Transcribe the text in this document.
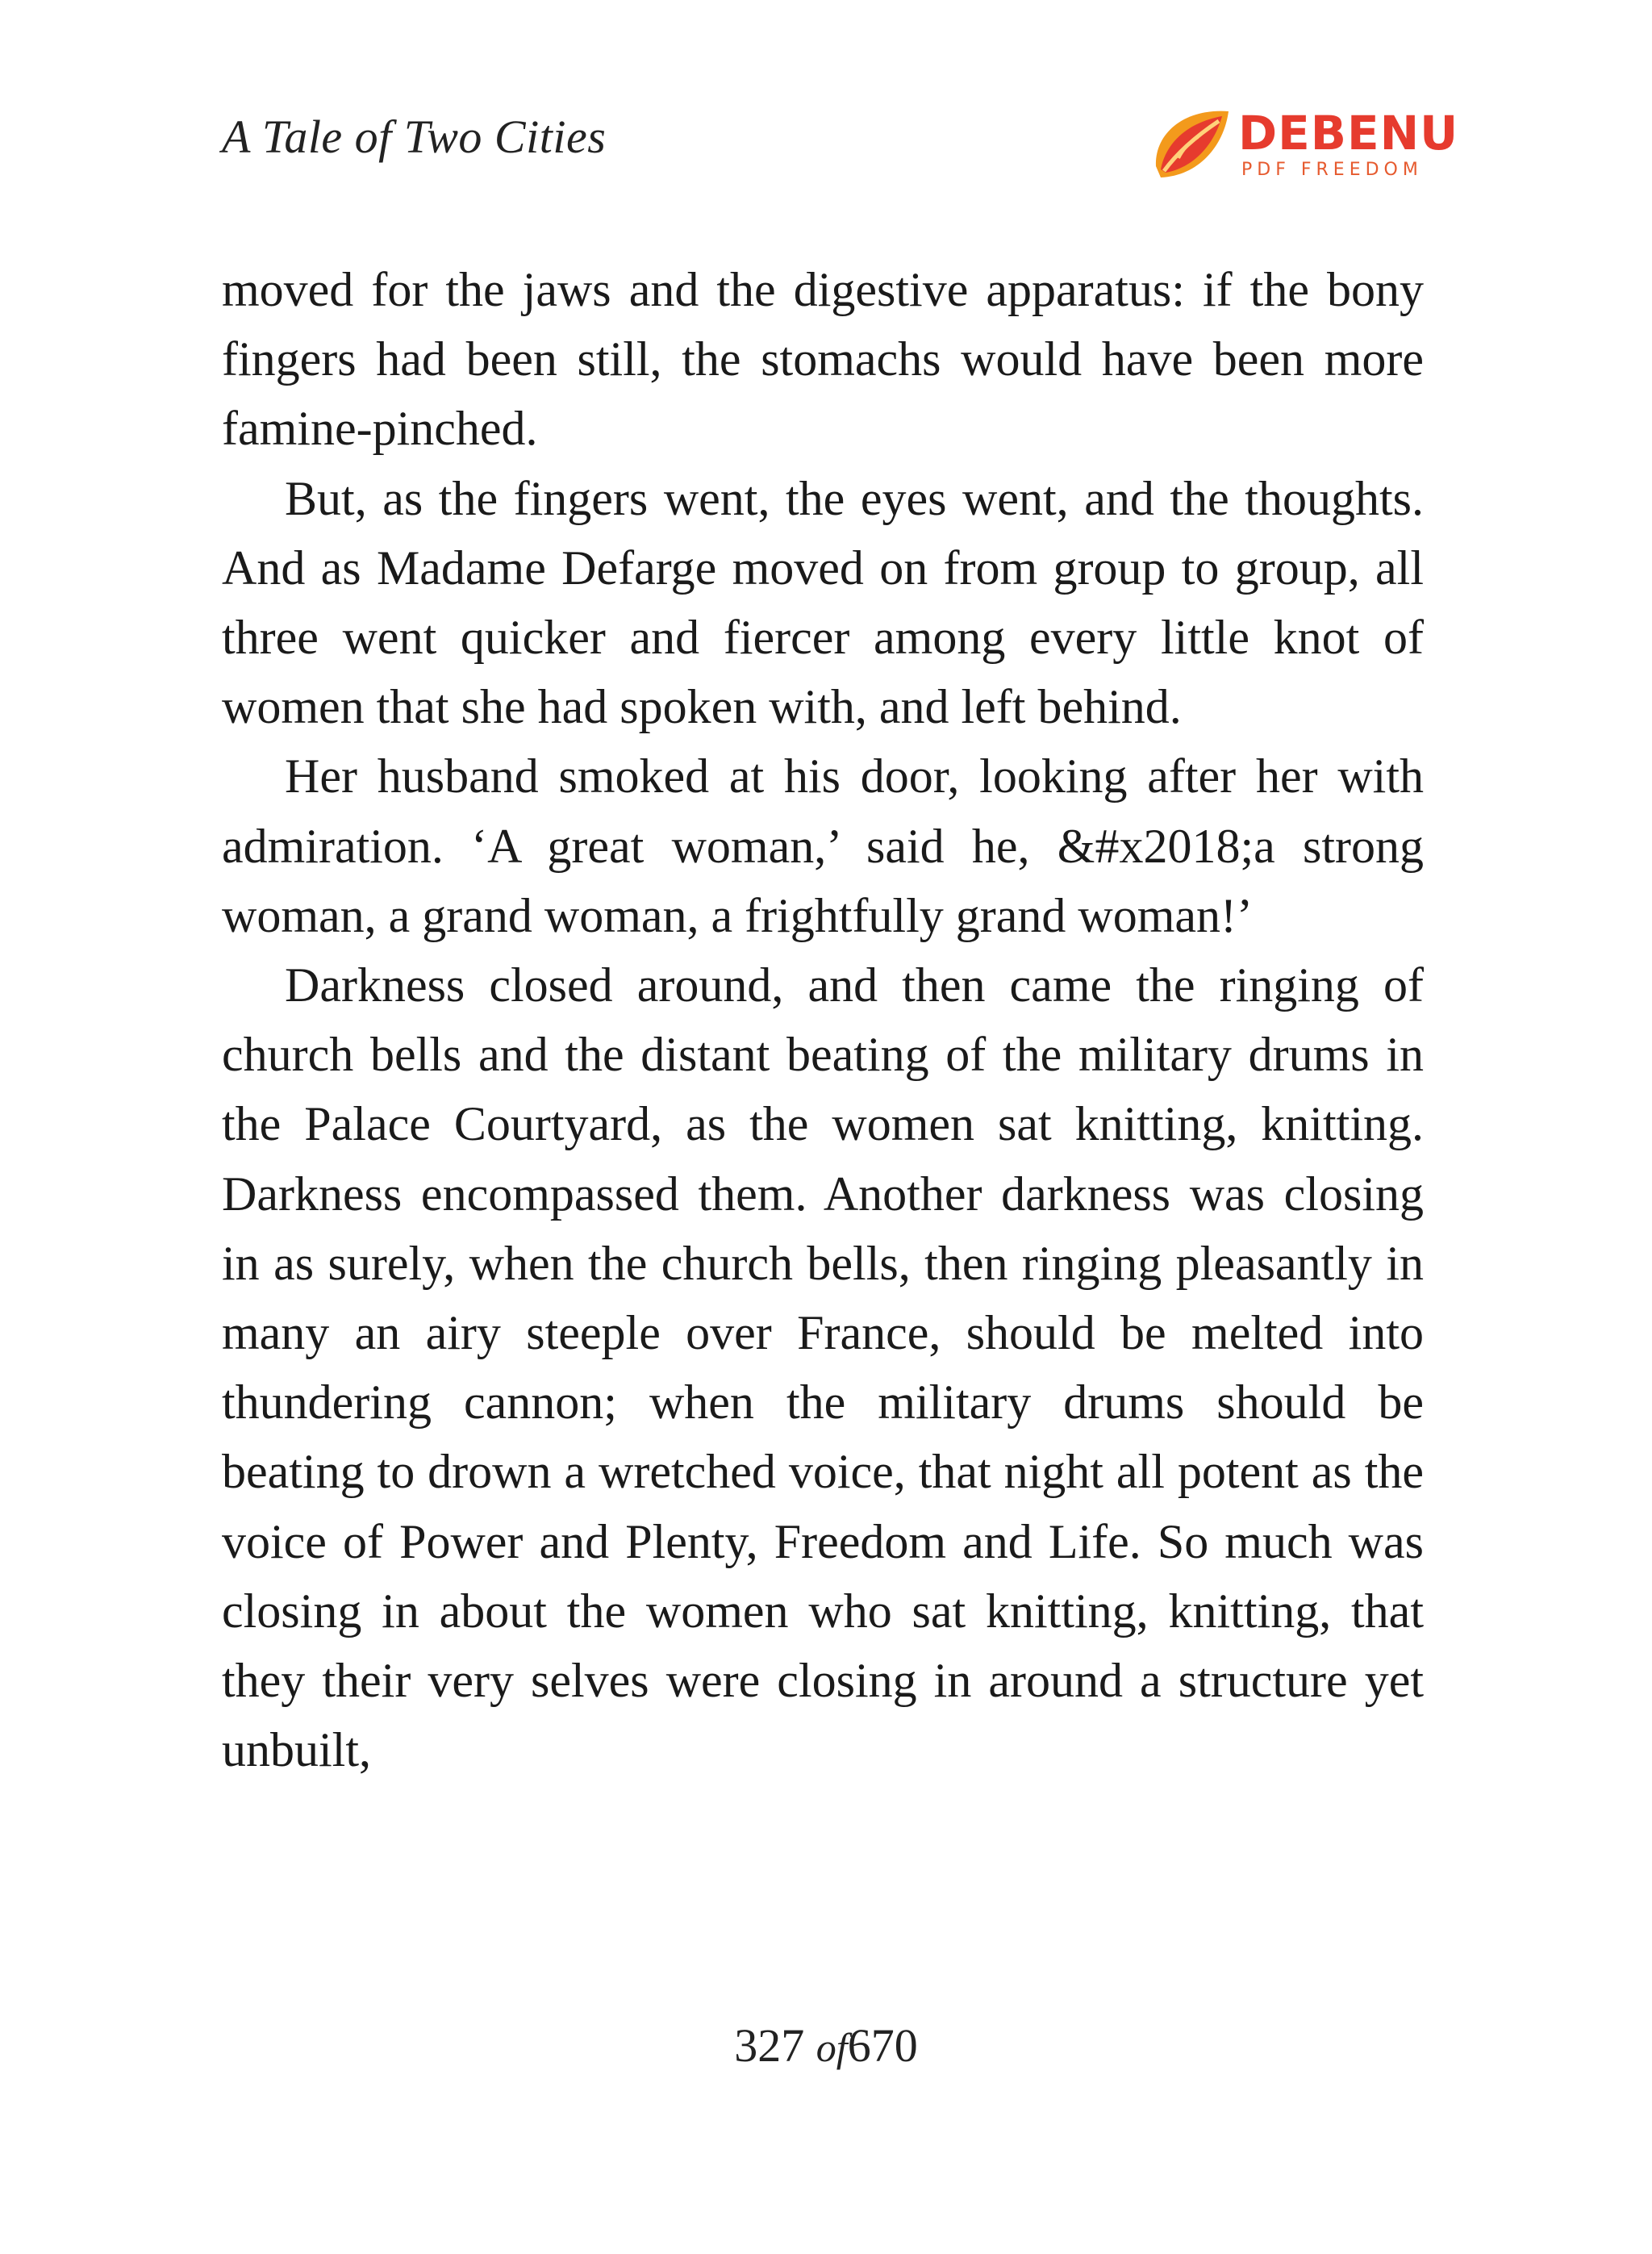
A Tale of Two Cities	DEBENU
PDF FREEDOM

moved for the jaws and the digestive apparatus: if the bony fingers had been still, the stomachs would have been more famine-pinched.

But, as the fingers went, the eyes went, and the thoughts. And as Madame Defarge moved on from group to group, all three went quicker and fiercer among every little knot of women that she had spoken with, and left behind.

Her husband smoked at his door, looking after her with admiration. ‘A great woman,’ said he, &#x2018;a strong woman, a grand woman, a frightfully grand woman!’

Darkness closed around, and then came the ringing of church bells and the distant beating of the military drums in the Palace Courtyard, as the women sat knitting, knitting. Darkness encompassed them. Another darkness was closing in as surely, when the church bells, then ringing pleasantly in many an airy steeple over France, should be melted into thundering cannon; when the military drums should be beating to drown a wretched voice, that night all potent as the voice of Power and Plenty, Freedom and Life. So much was closing in about the women who sat knitting, knitting, that they their very selves were closing in around a structure yet unbuilt,

327 of670
